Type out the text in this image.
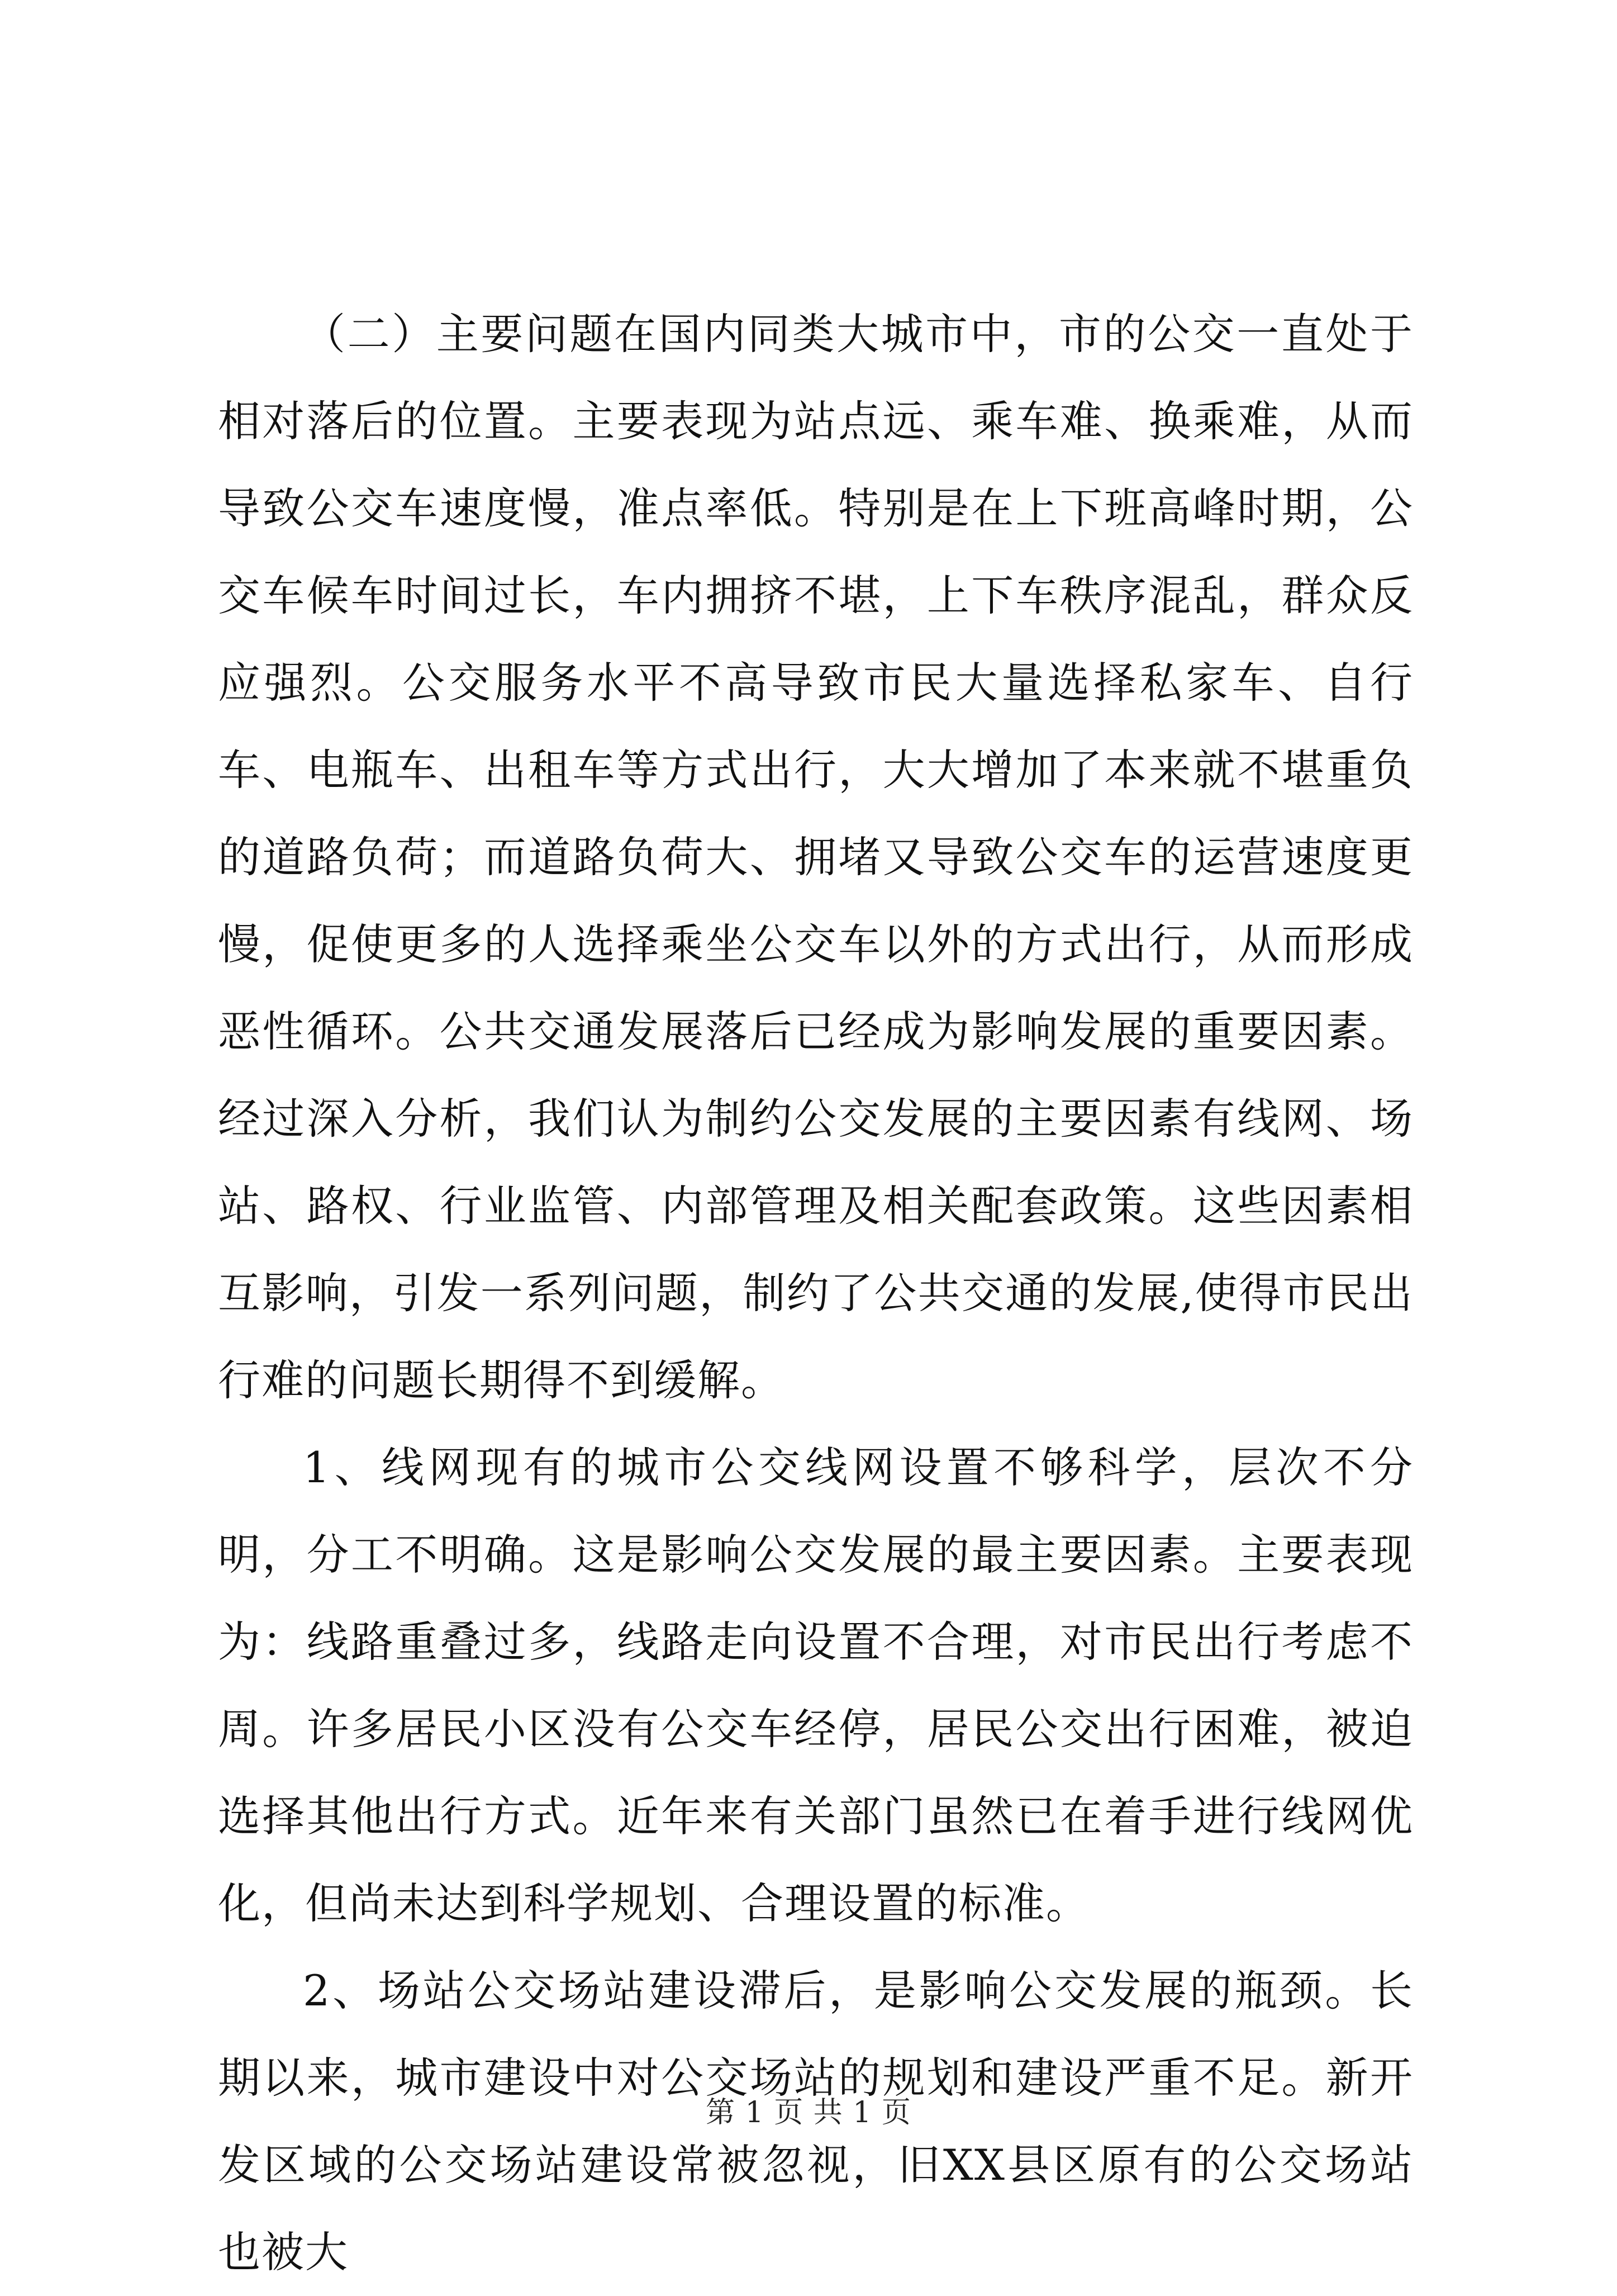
（二）主要问题在国内同类大城市中，市的公交一直处于相对落后的位置。主要表现为站点远、乘车难、换乘难，从而导致公交车速度慢，准点率低。特别是在上下班高峰时期，公交车候车时间过长，车内拥挤不堪，上下车秩序混乱，群众反应强烈。公交服务水平不高导致市民大量选择私家车、自行车、电瓶车、出租车等方式出行，大大增加了本来就不堪重负的道路负荷；而道路负荷大、拥堵又导致公交车的运营速度更慢，促使更多的人选择乘坐公交车以外的方式出行，从而形成恶性循环。公共交通发展落后已经成为影响发展的重要因素。经过深入分析，我们认为制约公交发展的主要因素有线网、场站、路权、行业监管、内部管理及相关配套政策。这些因素相互影响，引发一系列问题，制约了公共交通的发展,使得市民出行难的问题长期得不到缓解。

1、线网现有的城市公交线网设置不够科学，层次不分明，分工不明确。这是影响公交发展的最主要因素。主要表现为：线路重叠过多，线路走向设置不合理，对市民出行考虑不周。许多居民小区没有公交车经停，居民公交出行困难，被迫选择其他出行方式。近年来有关部门虽然已在着手进行线网优化，但尚未达到科学规划、合理设置的标准。

2、场站公交场站建设滞后，是影响公交发展的瓶颈。长期以来，城市建设中对公交场站的规划和建设严重不足。新开发区域的公交场站建设常被忽视，旧XX县区原有的公交场站也被大

第 1 页 共 1 页
